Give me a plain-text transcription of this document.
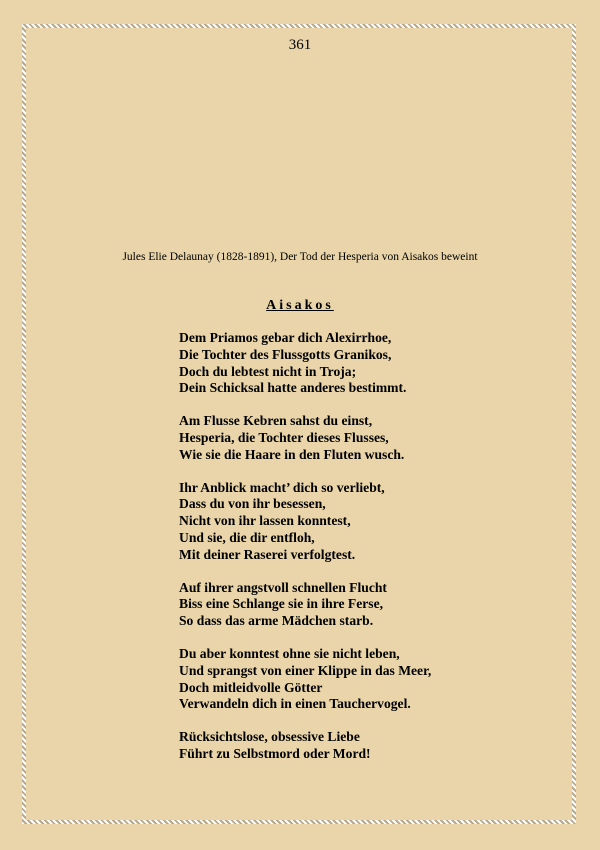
361
Jules Elie Delaunay (1828-1891), Der Tod der Hesperia von Aisakos beweint
Aisakos
Dem Priamos gebar dich Alexirrhoe,
Die Tochter des Flussgotts Granikos,
Doch du lebtest nicht in Troja;
Dein Schicksal hatte anderes bestimmt.
Am Flusse Kebren sahst du einst,
Hesperia, die Tochter dieses Flusses,
Wie sie die Haare in den Fluten wusch.
Ihr Anblick macht’ dich so verliebt,
Dass du von ihr besessen,
Nicht von ihr lassen konntest,
Und sie, die dir entfloh,
Mit deiner Raserei verfolgtest.
Auf ihrer angstvoll schnellen Flucht
Biss eine Schlange sie in ihre Ferse,
So dass das arme Mädchen starb.
Du aber konntest ohne sie nicht leben,
Und sprangst von einer Klippe in das Meer,
Doch mitleidvolle Götter
Verwandeln dich in einen Tauchervogel.
Rücksichtslose, obsessive Liebe
Führt zu Selbstmord oder Mord!
